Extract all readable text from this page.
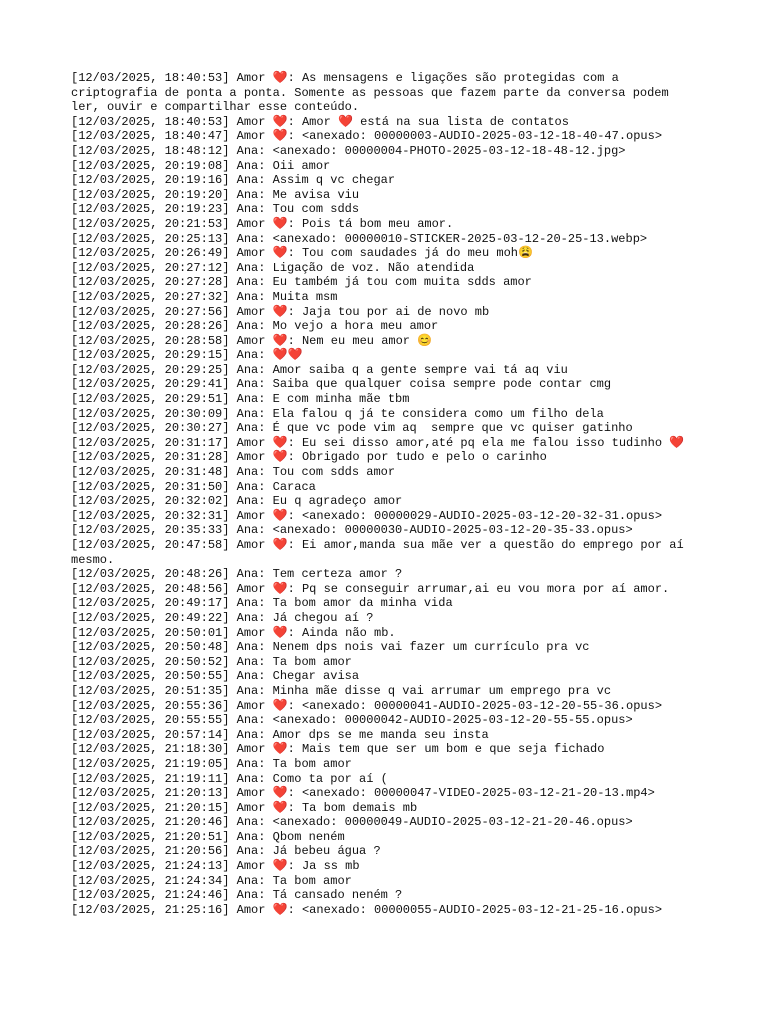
[12/03/2025, 18:40:53] Amor ❤️: As mensagens e ligações são protegidas com a criptografia de ponta a ponta. Somente as pessoas que fazem parte da conversa podem ler, ouvir e compartilhar esse conteúdo.

[12/03/2025, 18:40:53] Amor ❤️: Amor ❤️ está na sua lista de contatos

[12/03/2025, 18:40:47] Amor ❤️: <anexado: 00000003-AUDIO-2025-03-12-18-40-47.opus>

[12/03/2025, 18:48:12] Ana: <anexado: 00000004-PHOTO-2025-03-12-18-48-12.jpg>

[12/03/2025, 20:19:08] Ana: Oii amor

[12/03/2025, 20:19:16] Ana: Assim q vc chegar

[12/03/2025, 20:19:20] Ana: Me avisa viu

[12/03/2025, 20:19:23] Ana: Tou com sdds

[12/03/2025, 20:21:53] Amor ❤️: Pois tá bom meu amor.

[12/03/2025, 20:25:13] Ana: <anexado: 00000010-STICKER-2025-03-12-20-25-13.webp>

[12/03/2025, 20:26:49] Amor ❤️: Tou com saudades já do meu moh😩

[12/03/2025, 20:27:12] Ana: Ligação de voz. Não atendida

[12/03/2025, 20:27:28] Ana: Eu também já tou com muita sdds amor

[12/03/2025, 20:27:32] Ana: Muita msm

[12/03/2025, 20:27:56] Amor ❤️: Jaja tou por ai de novo mb

[12/03/2025, 20:28:26] Ana: Mo vejo a hora meu amor

[12/03/2025, 20:28:58] Amor ❤️: Nem eu meu amor 😊

[12/03/2025, 20:29:15] Ana: ❤️❤️

[12/03/2025, 20:29:25] Ana: Amor saiba q a gente sempre vai tá aq viu

[12/03/2025, 20:29:41] Ana: Saiba que qualquer coisa sempre pode contar cmg

[12/03/2025, 20:29:51] Ana: E com minha mãe tbm

[12/03/2025, 20:30:09] Ana: Ela falou q já te considera como um filho dela

[12/03/2025, 20:30:27] Ana: É que vc pode vim aq  sempre que vc quiser gatinho

[12/03/2025, 20:31:17] Amor ❤️: Eu sei disso amor,até pq ela me falou isso tudinho ❤️

[12/03/2025, 20:31:28] Amor ❤️: Obrigado por tudo e pelo o carinho

[12/03/2025, 20:31:48] Ana: Tou com sdds amor

[12/03/2025, 20:31:50] Ana: Caraca

[12/03/2025, 20:32:02] Ana: Eu q agradeço amor

[12/03/2025, 20:32:31] Amor ❤️: <anexado: 00000029-AUDIO-2025-03-12-20-32-31.opus>

[12/03/2025, 20:35:33] Ana: <anexado: 00000030-AUDIO-2025-03-12-20-35-33.opus>

[12/03/2025, 20:47:58] Amor ❤️: Ei amor,manda sua mãe ver a questão do emprego por aí mesmo.

[12/03/2025, 20:48:26] Ana: Tem certeza amor ?

[12/03/2025, 20:48:56] Amor ❤️: Pq se conseguir arrumar,ai eu vou mora por aí amor.

[12/03/2025, 20:49:17] Ana: Ta bom amor da minha vida

[12/03/2025, 20:49:22] Ana: Já chegou aí ?

[12/03/2025, 20:50:01] Amor ❤️: Ainda não mb.

[12/03/2025, 20:50:48] Ana: Nenem dps nois vai fazer um currículo pra vc

[12/03/2025, 20:50:52] Ana: Ta bom amor

[12/03/2025, 20:50:55] Ana: Chegar avisa

[12/03/2025, 20:51:35] Ana: Minha mãe disse q vai arrumar um emprego pra vc

[12/03/2025, 20:55:36] Amor ❤️: <anexado: 00000041-AUDIO-2025-03-12-20-55-36.opus>

[12/03/2025, 20:55:55] Ana: <anexado: 00000042-AUDIO-2025-03-12-20-55-55.opus>

[12/03/2025, 20:57:14] Ana: Amor dps se me manda seu insta

[12/03/2025, 21:18:30] Amor ❤️: Mais tem que ser um bom e que seja fichado

[12/03/2025, 21:19:05] Ana: Ta bom amor

[12/03/2025, 21:19:11] Ana: Como ta por aí (

[12/03/2025, 21:20:13] Amor ❤️: <anexado: 00000047-VIDEO-2025-03-12-21-20-13.mp4>

[12/03/2025, 21:20:15] Amor ❤️: Ta bom demais mb

[12/03/2025, 21:20:46] Ana: <anexado: 00000049-AUDIO-2025-03-12-21-20-46.opus>

[12/03/2025, 21:20:51] Ana: Qbom neném

[12/03/2025, 21:20:56] Ana: Já bebeu água ?

[12/03/2025, 21:24:13] Amor ❤️: Ja ss mb

[12/03/2025, 21:24:34] Ana: Ta bom amor

[12/03/2025, 21:24:46] Ana: Tá cansado neném ?

[12/03/2025, 21:25:16] Amor ❤️: <anexado: 00000055-AUDIO-2025-03-12-21-25-16.opus>
